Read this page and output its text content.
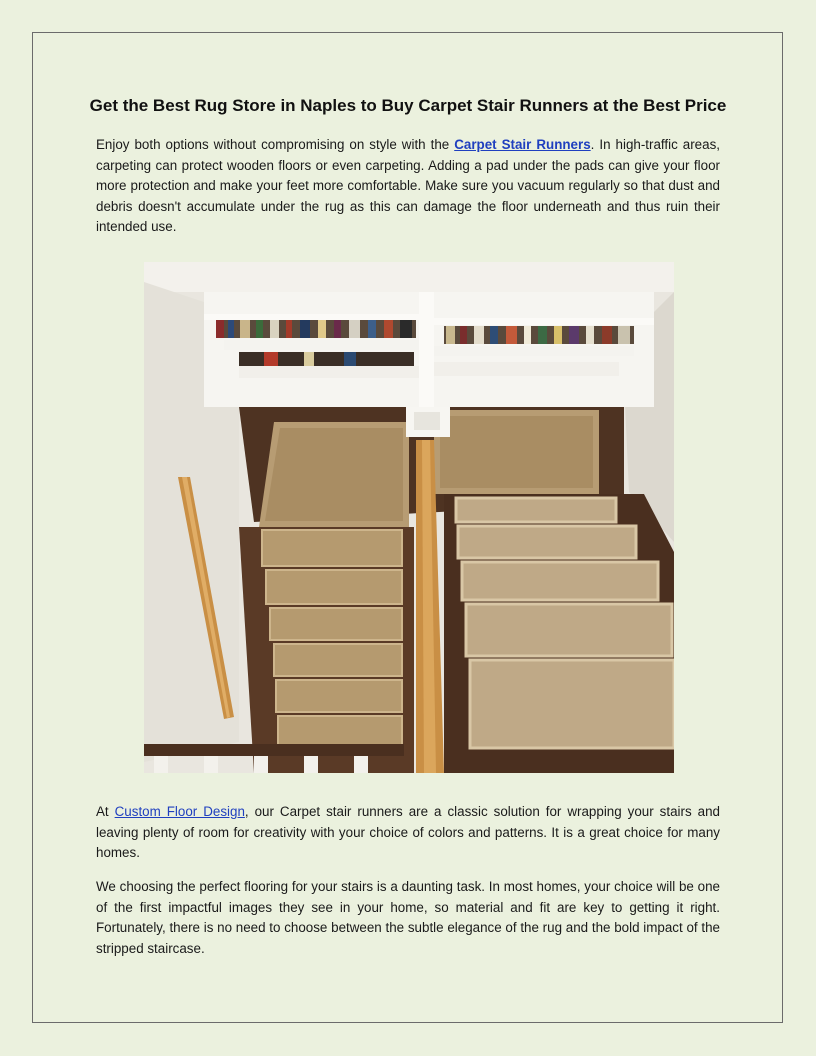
Get the Best Rug Store in Naples to Buy Carpet Stair Runners at the Best Price

Enjoy both options without compromising on style with the Carpet Stair Runners. In high-traffic areas, carpeting can protect wooden floors or even carpeting. Adding a pad under the pads can give your floor more protection and make your feet more comfortable. Make sure you vacuum regularly so that dust and debris doesn't accumulate under the rug as this can damage the floor underneath and thus ruin their intended use.

At Custom Floor Design, our Carpet stair runners are a classic solution for wrapping your stairs and leaving plenty of room for creativity with your choice of colors and patterns. It is a great choice for many homes.

We choosing the perfect flooring for your stairs is a daunting task. In most homes, your choice will be one of the first impactful images they see in your home, so material and fit are key to getting it right. Fortunately, there is no need to choose between the subtle elegance of the rug and the bold impact of the stripped staircase.
